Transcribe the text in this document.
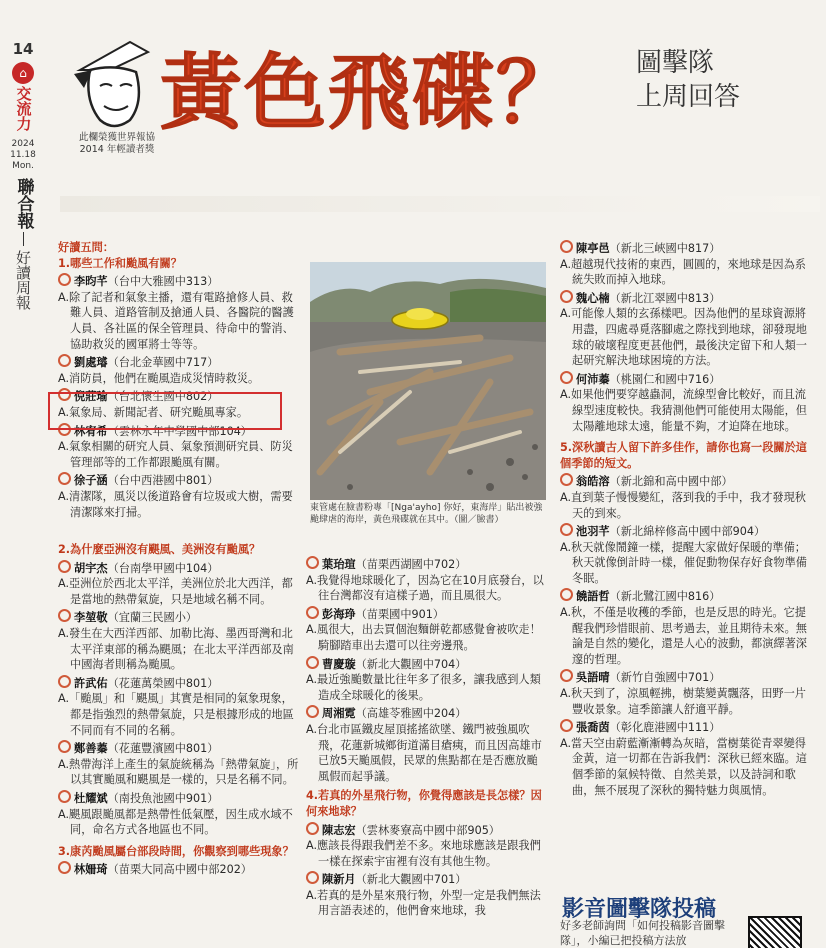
14
⌂
交流力
2024
11.18
Mon.
聯合報
好讀周報
此欄榮獲世界報協
2014 年輕讀者獎
黃色飛碟？ 圖擊隊
上周回答
好讀五問：
1.哪些工作和颱風有關？
李昀芊（台中大雅國中313）
A.除了記者和氣象主播，還有電路搶修人員、救難人員、道路管制及搶通人員、各醫院的醫護人員、各社區的保全管理員、待命中的警消、協助救災的國軍將士等等。
劉處璿（台北金華國中717）
A.消防員，他們在颱風造成災情時救災。
倪莊瑜（台北懷生國中802）
A.氣象局、新聞記者、研究颱風專家。
林宥希（雲林永年中學國中部104）
A.氣象相關的研究人員、氣象預測研究員、防災管理部等的工作都跟颱風有關。
徐子涵（台中西港國中801）
A.清潔隊，風災以後道路會有垃圾或大樹，需要清潔隊來打掃。
2.為什麼亞洲沒有颶風、美洲沒有颱風？
胡宇杰（台南學甲國中104）
A.亞洲位於西北太平洋，美洲位於北大西洋，都是當地的熱帶氣旋，只是地域名稱不同。
李堃敬（宜蘭三民國小）
A.發生在大西洋西部、加勒比海、墨西哥灣和北太平洋東部的稱為颶風；在北太平洋西部及南中國海者則稱為颱風。
許武佑（花蓮萬榮國中801）
A.「颱風」和「颶風」其實是相同的氣象現象，都是指強烈的熱帶氣旋，只是根據形成的地區不同而有不同的名稱。
鄭善蓁（花蓮豐濱國中801）
A.熱帶海洋上產生的氣旋統稱為「熱帶氣旋」，所以其實颱風和颶風是一樣的，只是名稱不同。
杜耀斌（南投魚池國中901）
A.颶風跟颱風都是熱帶性低氣壓，因生成水域不同，命名方式各地區也不同。
3.康芮颱風屬台部段時間，你觀察到哪些現象？
林姍琦（苗栗大同高中國中部202）
東管處在臉書粉專「[Nga'ayho] 你好，東海岸」貼出被強颱肆虐的海岸，黃色飛碟就在其中。（圖／臉書）
葉珆瑄（苗栗西湖國中702）
A.我覺得地球暖化了，因為它在10月底發台，以往台灣都沒有這樣子過，而且風很大。
彭海琤（苗栗國中901）
A.風很大，出去買個泡麵餅乾都感覺會被吹走！騎腳踏車出去還可以往旁邊飛。
曹慶璇（新北大觀國中704）
A.最近強颱數量比往年多了很多，讓我感到人類造成全球暖化的後果。
周湘霓（高雄苓雅國中204）
A.台北市區鐵皮屋頂搖搖欲墜、鐵門被強風吹飛，花蓮新城鄉街道滿目瘡痍，而且因高雄市已放5天颱風假，民眾的焦點都在是否應放颱風假而起爭議。
4.若真的外星飛行物，你覺得應該是長怎樣？因何來地球？
陳志宏（雲林麥寮高中國中部905）
A.應該長得跟我們差不多。來地球應該是跟我們一樣在探索宇宙裡有沒有其他生物。
陳新月（新北大觀國中701）
A.若真的是外星來飛行物，外型一定是我們無法用言語表述的，他們會來地球，我
陳亭邑（新北三峽國中817）
A.超越現代技術的東西，圓圓的，來地球是因為系統失敗而掉入地球。
魏心楠（新北江翠國中813）
A.可能像人類的玄孫樣吧。因為他們的星球資源將用盡，四處尋覓落腳處之際找到地球，卻發現地球的破壞程度更甚他們，最後決定留下和人類一起研究解決地球困境的方法。
何沛蓁（桃園仁和國中716）
A.如果他們要穿越蟲洞，流線型會比較好，而且流線型速度較快。我猜測他們可能使用太陽能，但太陽離地球太遠，能量不夠，才迫降在地球。
5.深秋讀古人留下許多佳作，請你也寫一段關於這個季節的短文。
翁皓溶（新北錦和高中國中部）
A.直到葉子慢慢變紅，落到我的手中，我才發現秋天的到來。
池羽芊（新北綿梓修高中國中部904）
A.秋天就像鬧鐘一樣，提醒大家做好保暖的準備；秋天就像倒計時一樣，催促動物保存好食物準備冬眠。
饒語哲（新北鷺江國中816）
A.秋，不僅是收穫的季節，也是反思的時光。它提醒我們珍惜眼前、思考過去，並且期待未來。無論是自然的變化，還是人心的波動，都演繹著深邃的哲理。
吳語晴（新竹自強國中701）
A.秋天到了，涼風輕拂，樹葉變黃飄落，田野一片豐收景象。這季節讓人舒適平靜。
張喬茵（彰化鹿港國中111）
A.當天空由蔚藍漸漸轉為灰暗，當樹葉從青翠變得金黃，這一切都在告訴我們：深秋已經來臨。這個季節的氣候特徵、自然美景，以及詩詞和歌曲，無不展現了深秋的獨特魅力與風情。
影音圖擊隊投稿
好多老師詢問「如何投稿影音圖擊隊」，小編已把投稿方法放
